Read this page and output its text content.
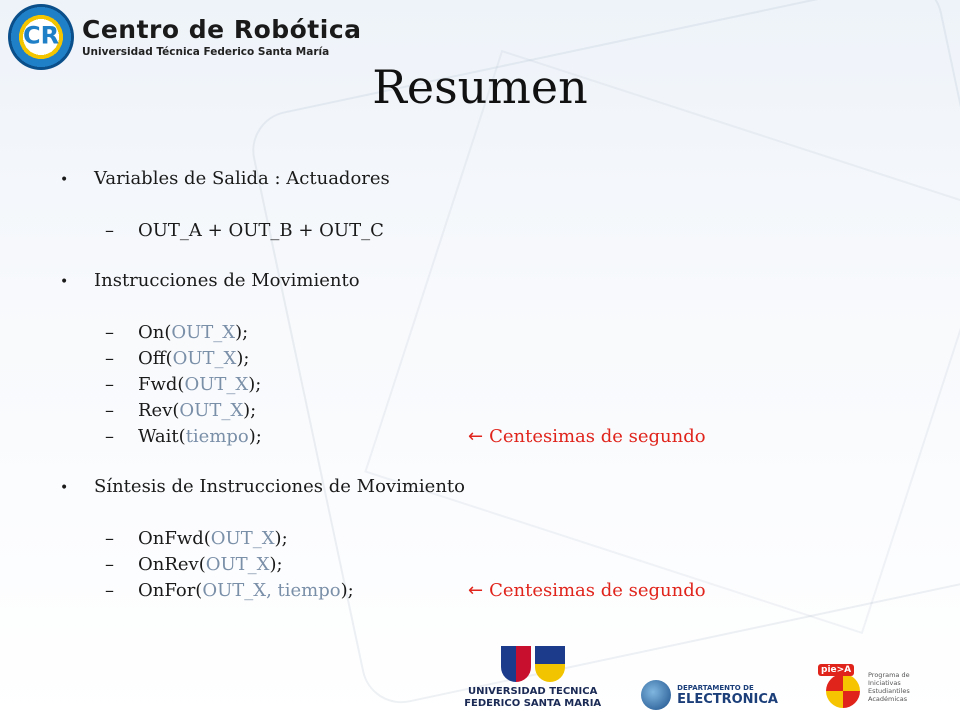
CR Centro de Robótica
Universidad Técnica Federico Santa María
Resumen
•	Variables de Salida : Actuadores
–	OUT_A + OUT_B + OUT_C
•	Instrucciones de Movimiento
–	On(OUT_X);
–	Off(OUT_X);
–	Fwd(OUT_X);
–	Rev(OUT_X);
–	Wait(tiempo);	← Centesimas de segundo
•	Síntesis de Instrucciones de Movimiento
–	OnFwd(OUT_X);
–	OnRev(OUT_X);
–	OnFor(OUT_X, tiempo);	← Centesimas de segundo
UNIVERSIDAD TECNICA
FEDERICO SANTA MARIA
DEPARTAMENTO DE
ELECTRONICA
pie>A	Programa de Iniciativas Estudiantiles Académicas
